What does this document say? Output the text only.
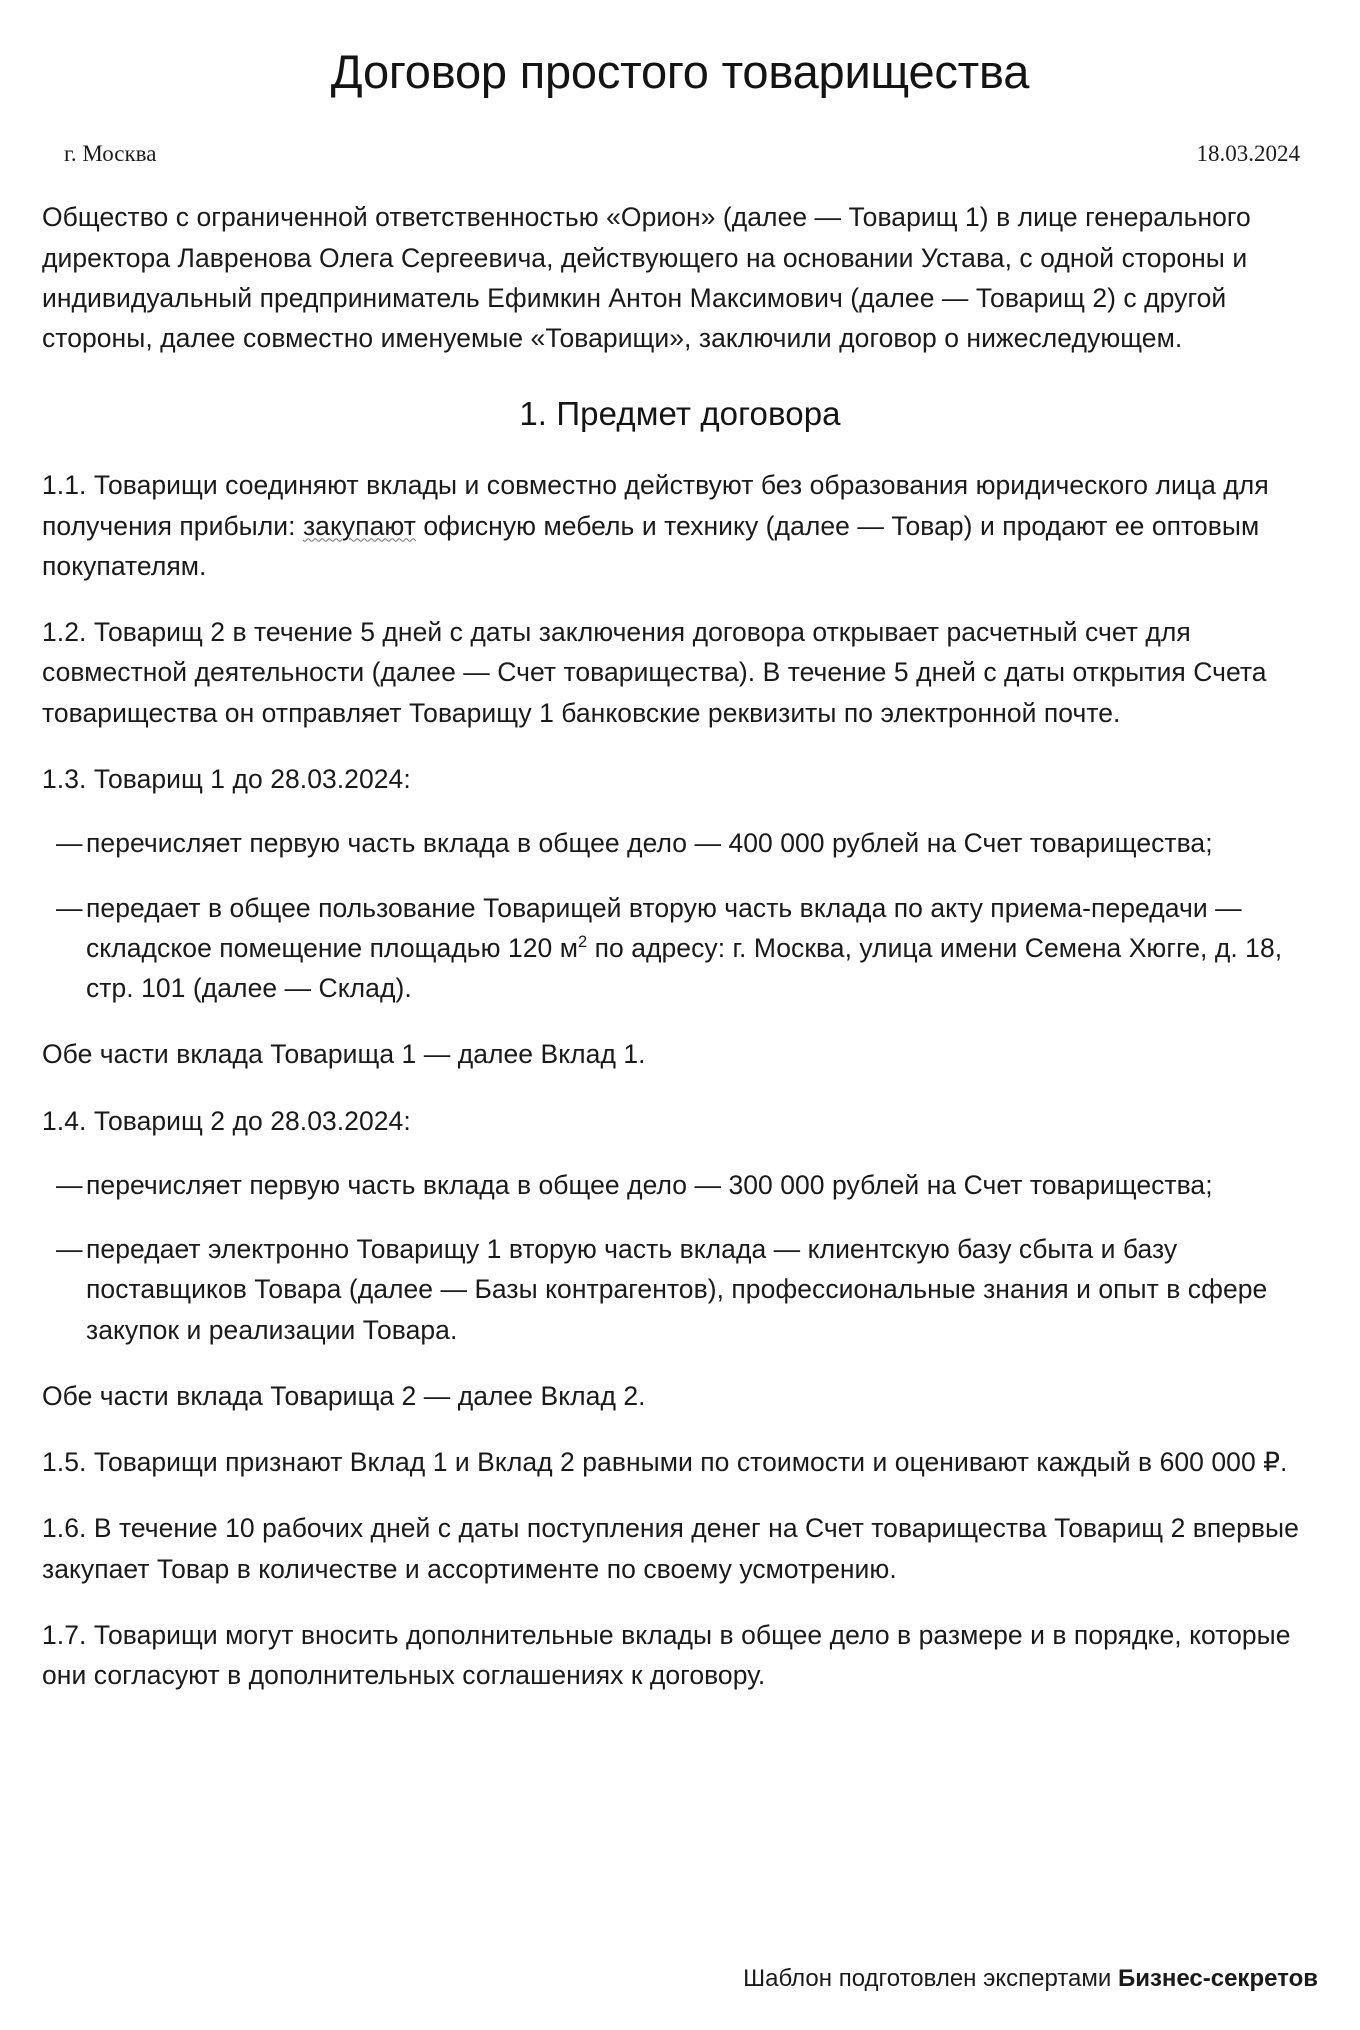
Договор простого товарищества
г. Москва	18.03.2024

Общество с ограниченной ответственностью «Орион» (далее — Товарищ 1) в лице генерального директора Лавренова Олега Сергеевича, действующего на основании Устава, с одной стороны и индивидуальный предприниматель Ефимкин Антон Максимович (далее — Товарищ 2) с другой стороны, далее совместно именуемые «Товарищи», заключили договор о нижеследующем.

1. Предмет договора

1.1. Товарищи соединяют вклады и совместно действуют без образования юридического лица для получения прибыли: закупают офисную мебель и технику (далее — Товар) и продают ее оптовым покупателям.

1.2. Товарищ 2 в течение 5 дней с даты заключения договора открывает расчетный счет для совместной деятельности (далее — Счет товарищества). В течение 5 дней с даты открытия Счета товарищества он отправляет Товарищу 1 банковские реквизиты по электронной почте.

1.3. Товарищ 1 до 28.03.2024:

— перечисляет первую часть вклада в общее дело — 400 000 рублей на Счет товарищества;
— передает в общее пользование Товарищей вторую часть вклада по акту приема-передачи — складское помещение площадью 120 $м^2$ по адресу: г. Москва, улица имени Семена Хюгге, д. 18, стр. 101 (далее — Склад).

Обе части вклада Товарища 1 — далее Вклад 1.

1.4. Товарищ 2 до 28.03.2024:

— перечисляет первую часть вклада в общее дело — 300 000 рублей на Счет товарищества;
— передает электронно Товарищу 1 вторую часть вклада — клиентскую базу сбыта и базу поставщиков Товара (далее — Базы контрагентов), профессиональные знания и опыт в сфере закупок и реализации Товара.

Обе части вклада Товарища 2 — далее Вклад 2.

1.5. Товарищи признают Вклад 1 и Вклад 2 равными по стоимости и оценивают каждый в 600 000 ₽.

1.6. В течение 10 рабочих дней с даты поступления денег на Счет товарищества Товарищ 2 впервые закупает Товар в количестве и ассортименте по своему усмотрению.

1.7. Товарищи могут вносить дополнительные вклады в общее дело в размере и в порядке, которые они согласуют в дополнительных соглашениях к договору.

Шаблон подготовлен экспертами Бизнес-секретов
